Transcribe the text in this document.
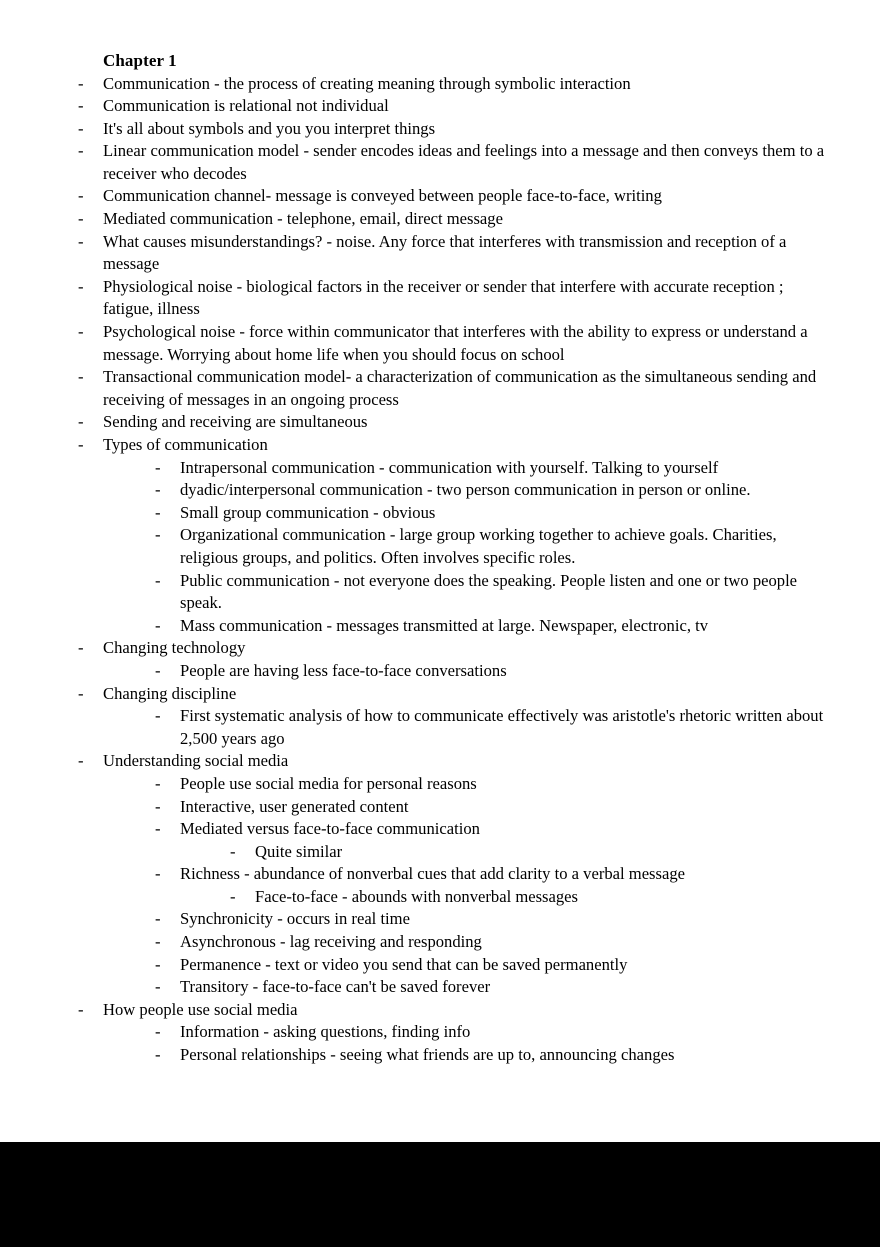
Chapter 1
-	Communication - the process of creating meaning through symbolic interaction
-	Communication is relational not individual
-	It's all about symbols and you you interpret things
-	Linear communication model - sender encodes ideas and feelings into a message and then conveys them to a receiver who decodes
-	Communication channel- message is conveyed between people face-to-face, writing
-	Mediated communication - telephone, email, direct message
-	What causes misunderstandings? - noise. Any force that interferes with transmission and reception of a message
-	Physiological noise - biological factors in the receiver or sender that interfere with accurate reception ; fatigue, illness
-	Psychological noise - force within communicator that interferes with the ability to express or understand a message. Worrying about home life when you should focus on school
-	Transactional communication model- a characterization of communication as the simultaneous sending and receiving of messages in an ongoing process
-	Sending and receiving are simultaneous
-	Types of communication
-	Intrapersonal communication - communication with yourself. Talking to yourself
-	dyadic/interpersonal communication - two person communication in person or online.
-	Small group communication - obvious
-	Organizational communication - large group working together to achieve goals. Charities, religious groups, and politics. Often involves specific roles.
-	Public communication - not everyone does the speaking. People listen and one or two people speak.
-	Mass communication - messages transmitted at large. Newspaper, electronic, tv
-	Changing technology
-	People are having less face-to-face conversations
-	Changing discipline
-	First systematic analysis of how to communicate effectively was aristotle's rhetoric written about 2,500 years ago
-	Understanding social media
-	People use social media for personal reasons
-	Interactive, user generated content
-	Mediated versus face-to-face communication
-	Quite similar
-	Richness - abundance of nonverbal cues that add clarity to a verbal message
-	Face-to-face - abounds with nonverbal messages
-	Synchronicity - occurs in real time
-	Asynchronous - lag receiving and responding
-	Permanence - text or video you send that can be saved permanently
-	Transitory - face-to-face can't be saved forever
-	How people use social media
-	Information - asking questions, finding info
-	Personal relationships - seeing what friends are up to, announcing changes
